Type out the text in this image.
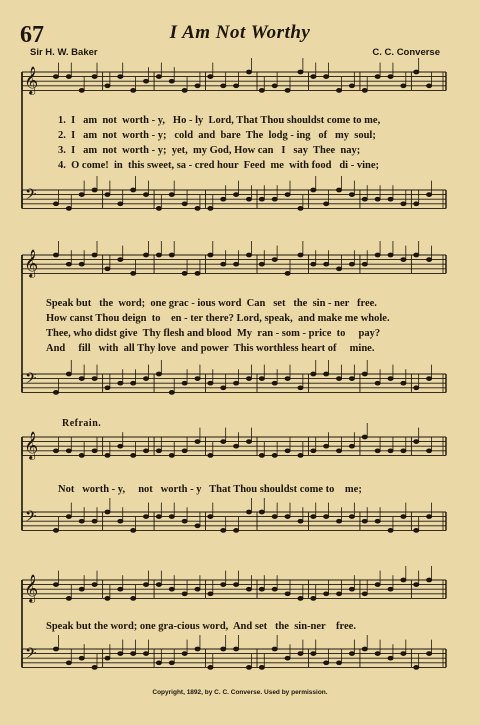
𝄞
𝄢
𝄞
𝄢
𝄞
𝄢
𝄞
𝄢
67	I Am Not Worthy
Sir H. W. Baker	C. C. Converse
1.  I   am  not  worth - y,   Ho - ly  Lord, That Thou shouldst come to me,
2.  I   am  not  worth - y;   cold  and  bare  The  lodg - ing   of   my  soul;
3.  I   am  not  worth - y;  yet,  my God, How can   I   say  Thee  nay;
4.  O come!  in  this sweet, sa - cred hour  Feed  me  with food   di - vine;
Speak but   the  word;  one grac - ious word  Can   set   the  sin - ner   free.
How canst Thou deign  to    en - ter there? Lord, speak,  and make me whole.
Thee, who didst give  Thy flesh and blood  My  ran - som - price  to     pay?
And     fill   with  all Thy love  and power  This worthless heart of     mine.
Refrain.
Not   worth - y,     not   worth - y   That Thou shouldst come to    me;
Speak but the word; one gra-cious word,  And set   the  sin-ner    free.
Copyright, 1892, by C. C. Converse. Used by permission.
